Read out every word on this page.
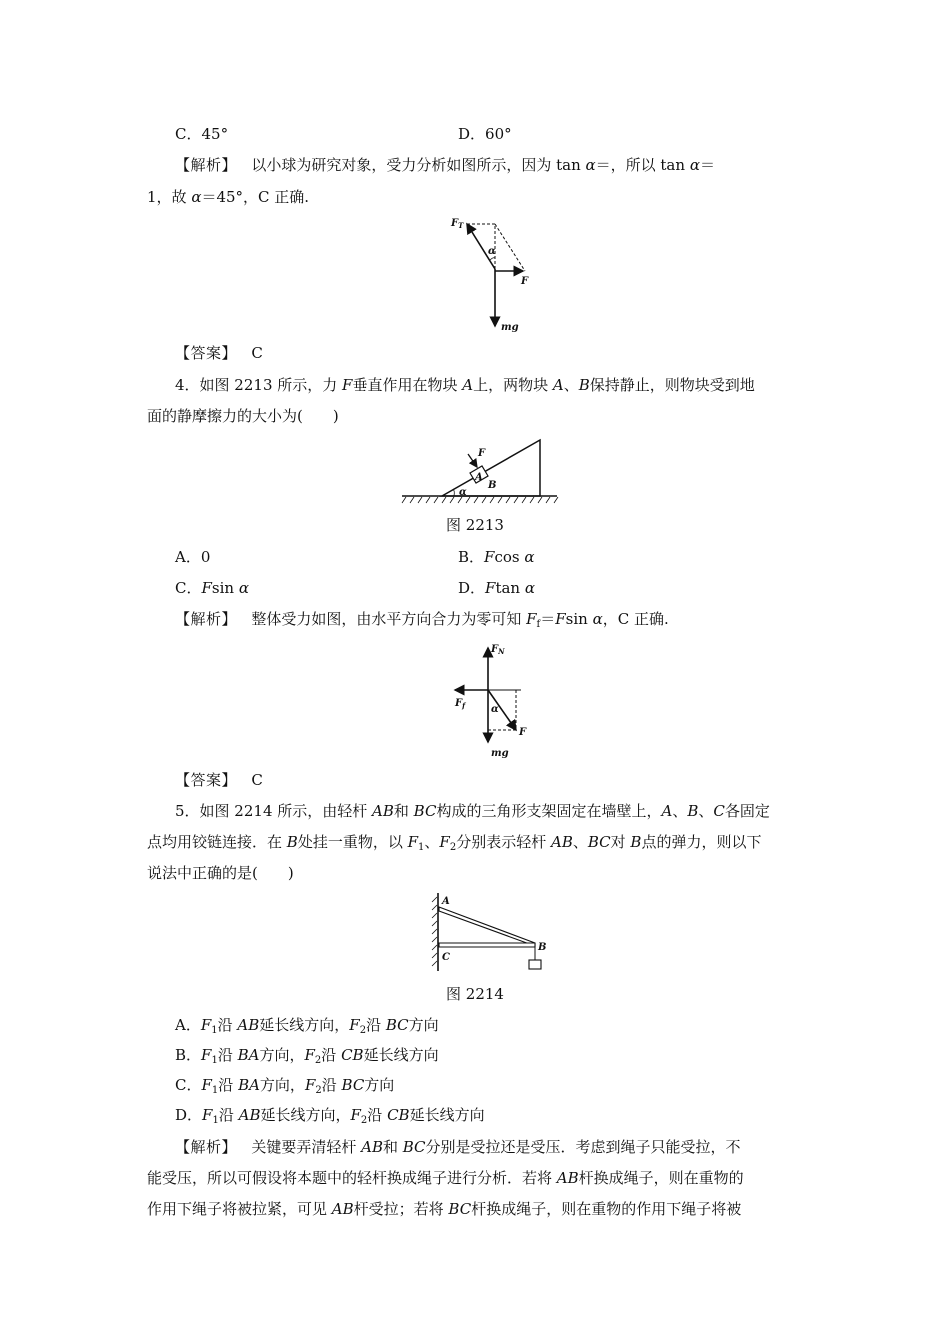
C．45°	D．60°
【解析】 以小球为研究对象，受力分析如图所示，因为 tan α＝，所以 tan α＝
1，故 α＝45°，C 正确.
$F_T$
α
F
mg
【答案】 C
4．如图 2213 所示，力 F垂直作用在物块 A上，两物块 A、B保持静止，则物块受到地
面的静摩擦力的大小为(　　)
F
A
B
α
图 2213
A．0	B．Fcos α
C．Fsin α	D．Ftan α
【解析】 整体受力如图，由水平方向合力为零可知 $F_f=Fsin$ α，C 正确.
$F_N$
$F_f$	α
F
mg
【答案】 C
5．如图 2214 所示，由轻杆 AB和 BC构成的三角形支架固定在墙壁上，A、B、C各固定
点均用铰链连接．在 B处挂一重物，以 $F_1$、$F_2$分别表示轻杆 AB、BC对 B点的弹力，则以下
说法中正确的是(　　)
A
B
C
图 2214
A．$F_1$沿 AB延长线方向，$F_2$沿 BC方向
B．$F_1$沿 BA方向，$F_2$沿 CB延长线方向
C．$F_1$沿 BA方向，$F_2$沿 BC方向
D．$F_1$沿 AB延长线方向，$F_2$沿 CB延长线方向
【解析】 关键要弄清轻杆 AB和 BC分别是受拉还是受压．考虑到绳子只能受拉，不
能受压，所以可假设将本题中的轻杆换成绳子进行分析．若将 AB杆换成绳子，则在重物的
作用下绳子将被拉紧，可见 AB杆受拉；若将 BC杆换成绳子，则在重物的作用下绳子将被
